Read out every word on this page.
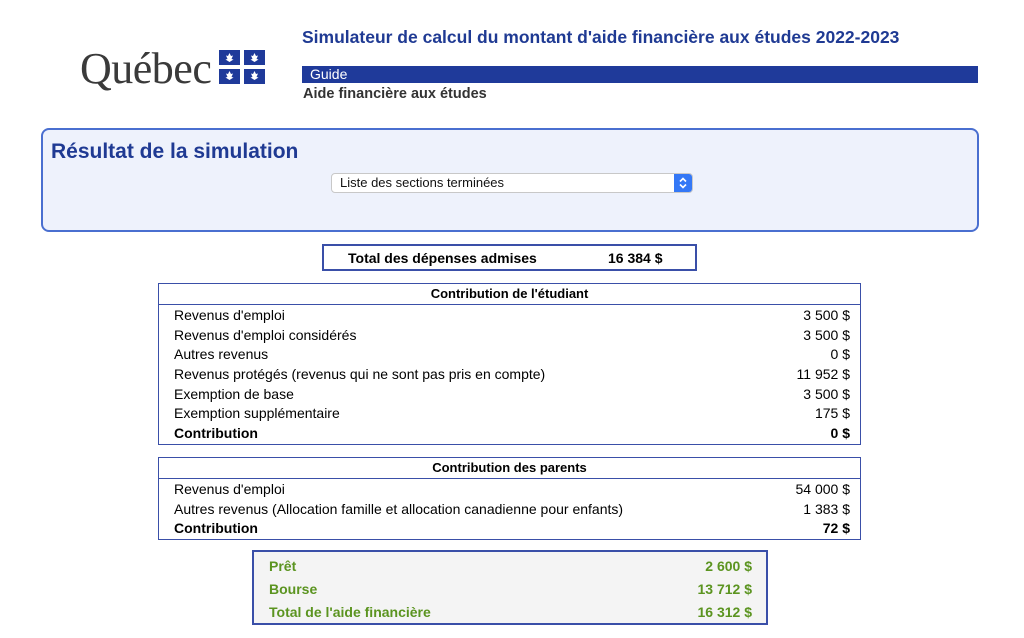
Québec
Simulateur de calcul du montant d'aide financière aux études 2022-2023
Guide
Aide financière aux études
Résultat de la simulation
Liste des sections terminées
Total des dépenses admises	16 384 $
Contribution de l'étudiant
Revenus d'emploi	3 500 $
Revenus d'emploi considérés	3 500 $
Autres revenus	0 $
Revenus protégés (revenus qui ne sont pas pris en compte)	11 952 $
Exemption de base	3 500 $
Exemption supplémentaire	175 $
Contribution	0 $
Contribution des parents
Revenus d'emploi	54 000 $
Autres revenus (Allocation famille et allocation canadienne pour enfants)	1 383 $
Contribution	72 $
Prêt	2 600 $
Bourse	13 712 $
Total de l'aide financière	16 312 $
